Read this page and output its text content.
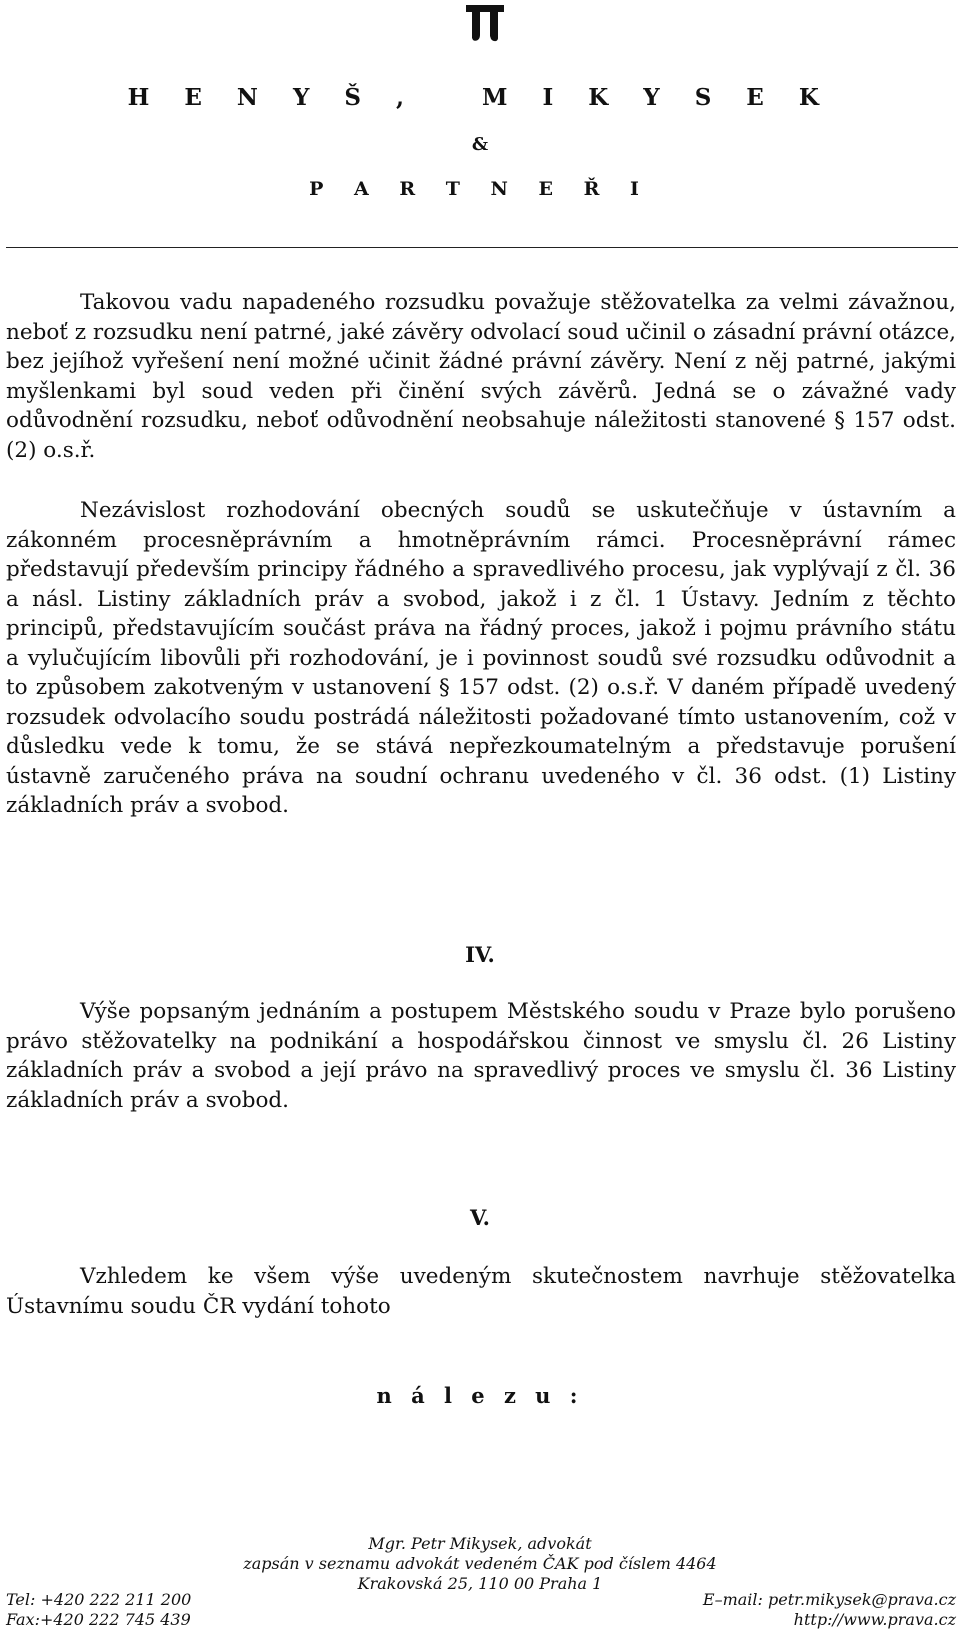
H E N Y Š ,   M I K Y S E K
&
P A R T N E Ř I

Takovou vadu napadeného rozsudku považuje stěžovatelka za velmi závažnou, neboť z rozsudku není patrné, jaké závěry odvolací soud učinil o zásadní právní otázce, bez jejíhož vyřešení není možné učinit žádné právní závěry. Není z něj patrné, jakými myšlenkami byl soud veden při činění svých závěrů. Jedná se o závažné vady odůvodnění rozsudku, neboť odůvodnění neobsahuje náležitosti stanovené § 157 odst. (2) o.s.ř.

Nezávislost rozhodování obecných soudů se uskutečňuje v ústavním a zákonném procesněprávním a hmotněprávním rámci. Procesněprávní rámec představují především principy řádného a spravedlivého procesu, jak vyplývají z čl. 36 a násl. Listiny základních práv a svobod, jakož i z čl. 1 Ústavy. Jedním z těchto principů, představujícím součást práva na řádný proces, jakož i pojmu právního státu a vylučujícím libovůli při rozhodování, je i povinnost soudů své rozsudku odůvodnit a to způsobem zakotveným v ustanovení § 157 odst. (2) o.s.ř. V daném případě uvedený rozsudek odvolacího soudu postrádá náležitosti požadované tímto ustanovením, což v důsledku vede k tomu, že se stává nepřezkoumatelným a představuje porušení ústavně zaručeného práva na soudní ochranu uvedeného v čl. 36 odst. (1) Listiny základních práv a svobod.

IV.

Výše popsaným jednáním a postupem Městského soudu v Praze bylo porušeno právo stěžovatelky na podnikání a hospodářskou činnost ve smyslu čl. 26 Listiny základních práv a svobod a její právo na spravedlivý proces ve smyslu čl. 36 Listiny základních práv a svobod.

V.

Vzhledem ke všem výše uvedeným skutečnostem navrhuje stěžovatelka Ústavnímu soudu ČR vydání tohoto

n á l e z u :
Mgr. Petr Mikysek, advokát
zapsán v seznamu advokát vedeném ČAK pod číslem 4464
Krakovská 25, 110 00 Praha 1
Tel: +420 222 211 200
Fax:+420 222 745 439
E–mail: petr.mikysek@prava.cz
http://www.prava.cz
